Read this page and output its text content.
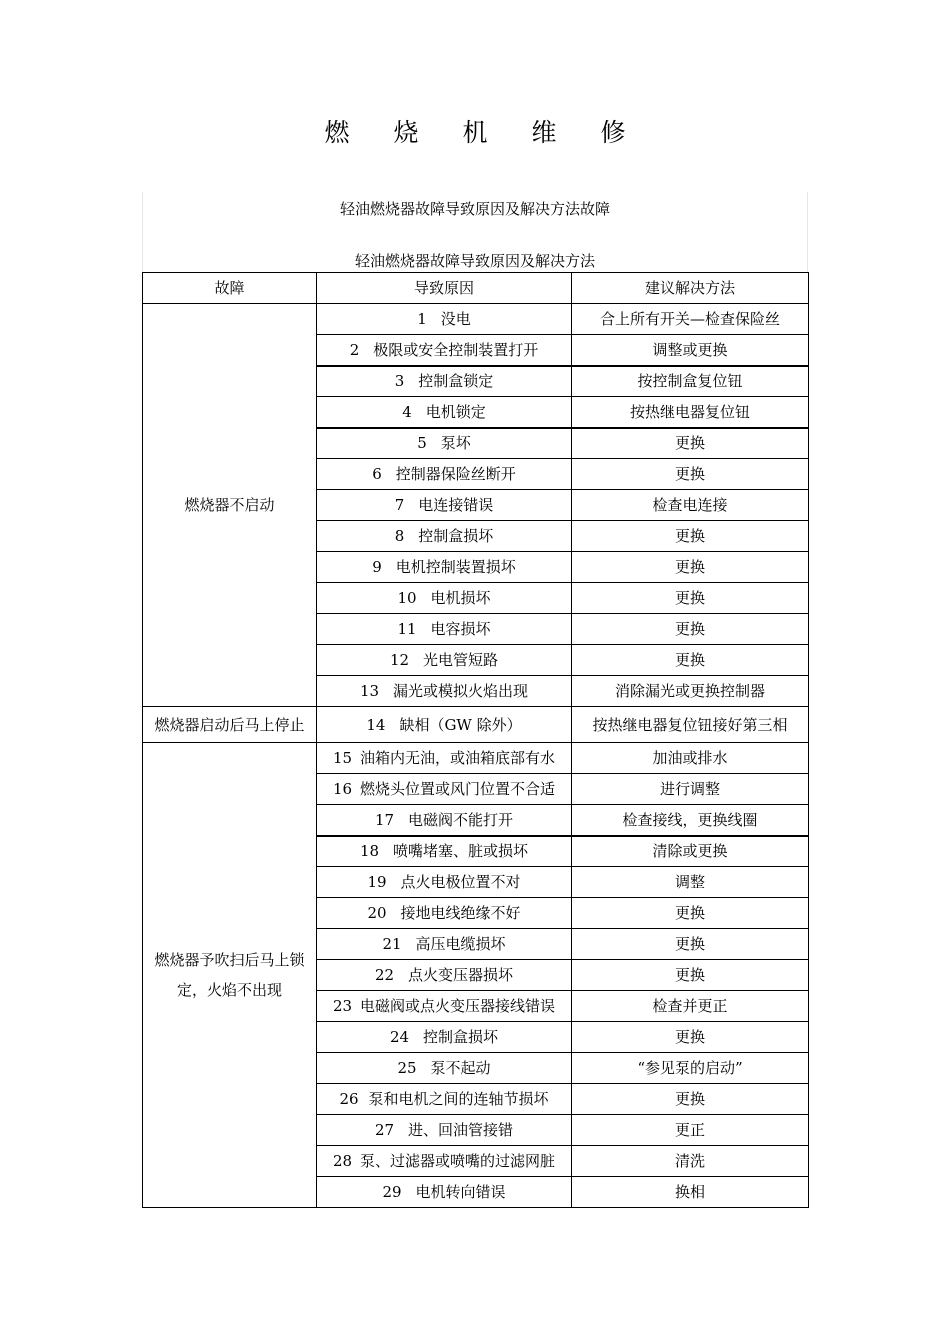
燃 烧 机 维 修
轻油燃烧器故障导致原因及解决方法故障
轻油燃烧器故障导致原因及解决方法
故障	导致原因	建议解决方法
燃烧器不启动	1 没电	合上所有开关—检查保险丝
	2 极限或安全控制装置打开	调整或更换
	3 控制盒锁定	按控制盒复位钮
	4 电机锁定	按热继电器复位钮
	5 泵坏	更换
	6 控制器保险丝断开	更换
	7 电连接错误	检查电连接
	8 控制盒损坏	更换
	9 电机控制装置损坏	更换
	10 电机损坏	更换
	11 电容损坏	更换
	12 光电管短路	更换
	13 漏光或模拟火焰出现	消除漏光或更换控制器
燃烧器启动后马上停止	14 缺相（GW 除外）	按热继电器复位钮接好第三相
燃烧器予吹扫后马上锁定，火焰不出现	15 油箱内无油，或油箱底部有水	加油或排水
	16 燃烧头位置或风门位置不合适	进行调整
	17 电磁阀不能打开	检查接线，更换线圈
	18 喷嘴堵塞、脏或损坏	清除或更换
	19 点火电极位置不对	调整
	20 接地电线绝缘不好	更换
	21 高压电缆损坏	更换
	22 点火变压器损坏	更换
	23 电磁阀或点火变压器接线错误	检查并更正
	24 控制盒损坏	更换
	25 泵不起动	“参见泵的启动”
	26 泵和电机之间的连轴节损坏	更换
	27 进、回油管接错	更正
	28 泵、过滤器或喷嘴的过滤网脏	清洗
	29 电机转向错误	换相
